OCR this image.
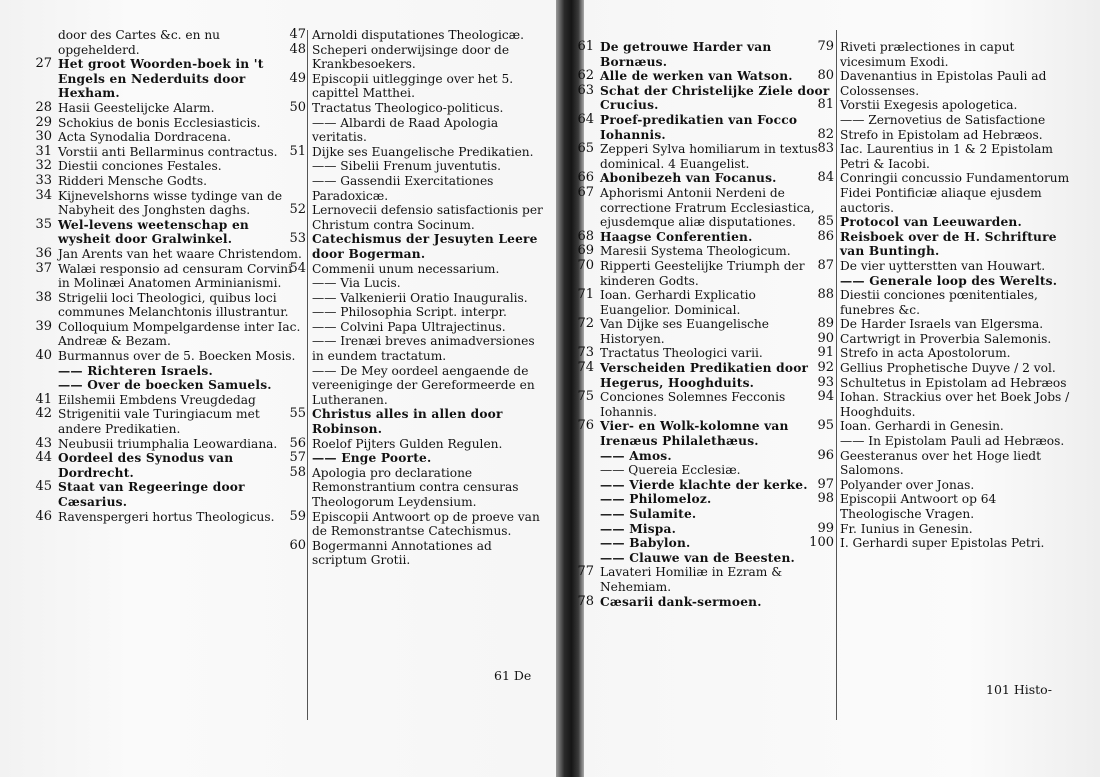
door des Cartes &c. en nu opgehelderd.
27 Het groot Woorden-boek in 't Engels en Nederduits door Hexham.
28 Hasii Geestelijcke Alarm.
29 Schokius de bonis Ecclesiasticis.
30 Acta Synodalia Dordracena.
31 Vorstii anti Bellarminus contractus.
32 Diestii conciones Festales.
33 Ridderi Mensche Godts.
34 Kijnevelshorns wisse tydinge van de Nabyheit des Jonghsten daghs.
35 Wel-levens weetenschap en wysheit door Gralwinkel.
36 Jan Arents van het waare Christendom.
37 Walæi responsio ad censuram Corvini in Molinæi Anatomen Arminianismi.
38 Strigelii loci Theologici, quibus loci communes Melanchtonis illustrantur.
39 Colloquium Mompelgardense inter Iac. Andreæ & Bezam.
40 Burmannus over de 5. Boecken Mosis.
—— Richteren Israels.
—— Over de boecken Samuels.
41 Eilshemii Embdens Vreugdedag
42 Strigenitii vale Turingiacum met andere Predikatien.
43 Neubusii triumphalia Leowardiana.
44 Oordeel des Synodus van Dordrecht.
45 Staat van Regeeringe door Cæsarius.
46 Ravenspergeri hortus Theologicus.
47 Arnoldi disputationes Theologicæ.
48 Scheperi onderwijsinge door de Krankbesoekers.
49 Episcopii uitlegginge over het 5. capittel Matthei.
50 Tractatus Theologico-politicus.
—— Albardi de Raad Apologia veritatis.
51 Dijke ses Euangelische Predikatien.
—— Sibelii Frenum juventutis.
—— Gassendii Exercitationes Paradoxicæ.
52 Lernovecii defensio satisfactionis per Christum contra Socinum.
53 Catechismus der Jesuyten Leere door Bogerman.
54 Commenii unum necessarium.
—— Via Lucis.
—— Valkenierii Oratio Inauguralis.
—— Philosophia Script. interpr.
—— Colvini Papa Ultrajectinus.
—— Irenæi breves animadversiones in eundem tractatum.
—— De Mey oordeel aengaende de vereeniginge der Gereformeerde en Lutheranen.
55 Christus alles in allen door Robinson.
56 Roelof Pijters Gulden Regulen.
57 —— Enge Poorte.
58 Apologia pro declaratione Remonstrantium contra censuras Theologorum Leydensium.
59 Episcopii Antwoort op de proeve van de Remonstrantse Catechismus.
60 Bogermanni Annotationes ad scriptum Grotii.
61 De getrouwe Harder van Bornæus.
62 Alle de werken van Watson.
63 Schat der Christelijke Ziele door Crucius.
64 Proef-predikatien van Focco Iohannis.
65 Zepperi Sylva homiliarum in textus dominical. 4 Euangelist.
66 Abonibezeh van Focanus.
67 Aphorismi Antonii Nerdeni de correctione Fratrum Ecclesiastica, ejusdemque aliæ disputationes.
68 Haagse Conferentien.
69 Maresii Systema Theologicum.
70 Ripperti Geestelijke Triumph der kinderen Godts.
71 Ioan. Gerhardi Explicatio Euangelior. Dominical.
72 Van Dijke ses Euangelische Historyen.
73 Tractatus Theologici varii.
74 Verscheiden Predikatien door Hegerus, Hooghduits.
75 Conciones Solemnes Fecconis Iohannis.
76 Vier- en Wolk-kolomne van Irenæus Philalethæus.
—— Amos.
—— Quereia Ecclesiæ.
—— Vierde klachte der kerke.
—— Philomeloz.
—— Sulamite.
—— Mispa.
—— Babylon.
—— Clauwe van de Beesten.
77 Lavateri Homiliæ in Ezram & Nehemiam.
78 Cæsarii dank-sermoen.
79 Riveti prælectiones in caput vicesimum Exodi.
80 Davenantius in Epistolas Pauli ad Colossenses.
81 Vorstii Exegesis apologetica.
—— Zernovetius de Satisfactione
82 Strefo in Epistolam ad Hebræos.
83 Iac. Laurentius in 1 & 2 Epistolam Petri & Iacobi.
84 Conringii concussio Fundamentorum Fidei Pontificiæ aliaque ejusdem auctoris.
85 Protocol van Leeuwarden.
86 Reisboek over de H. Schrifture van Buntingh.
87 De vier uytterstten van Houwart.
—— Generale loop des Werelts.
88 Diestii conciones pœnitentiales, funebres &c.
89 De Harder Israels van Elgersma.
90 Cartwrigt in Proverbia Salemonis.
91 Strefo in acta Apostolorum.
92 Gellius Prophetische Duyve / 2 vol.
93 Schultetus in Epistolam ad Hebræos
94 Iohan. Strackius over het Boek Jobs / Hooghduits.
95 Ioan. Gerhardi in Genesin.
—— In Epistolam Pauli ad Hebræos.
96 Geesteranus over het Hoge liedt Salomons.
97 Polyander over Jonas.
98 Episcopii Antwoort op 64 Theologische Vragen.
99 Fr. Iunius in Genesin.
100 I. Gerhardi super Epistolas Petri.
61 De
101 Histo-
